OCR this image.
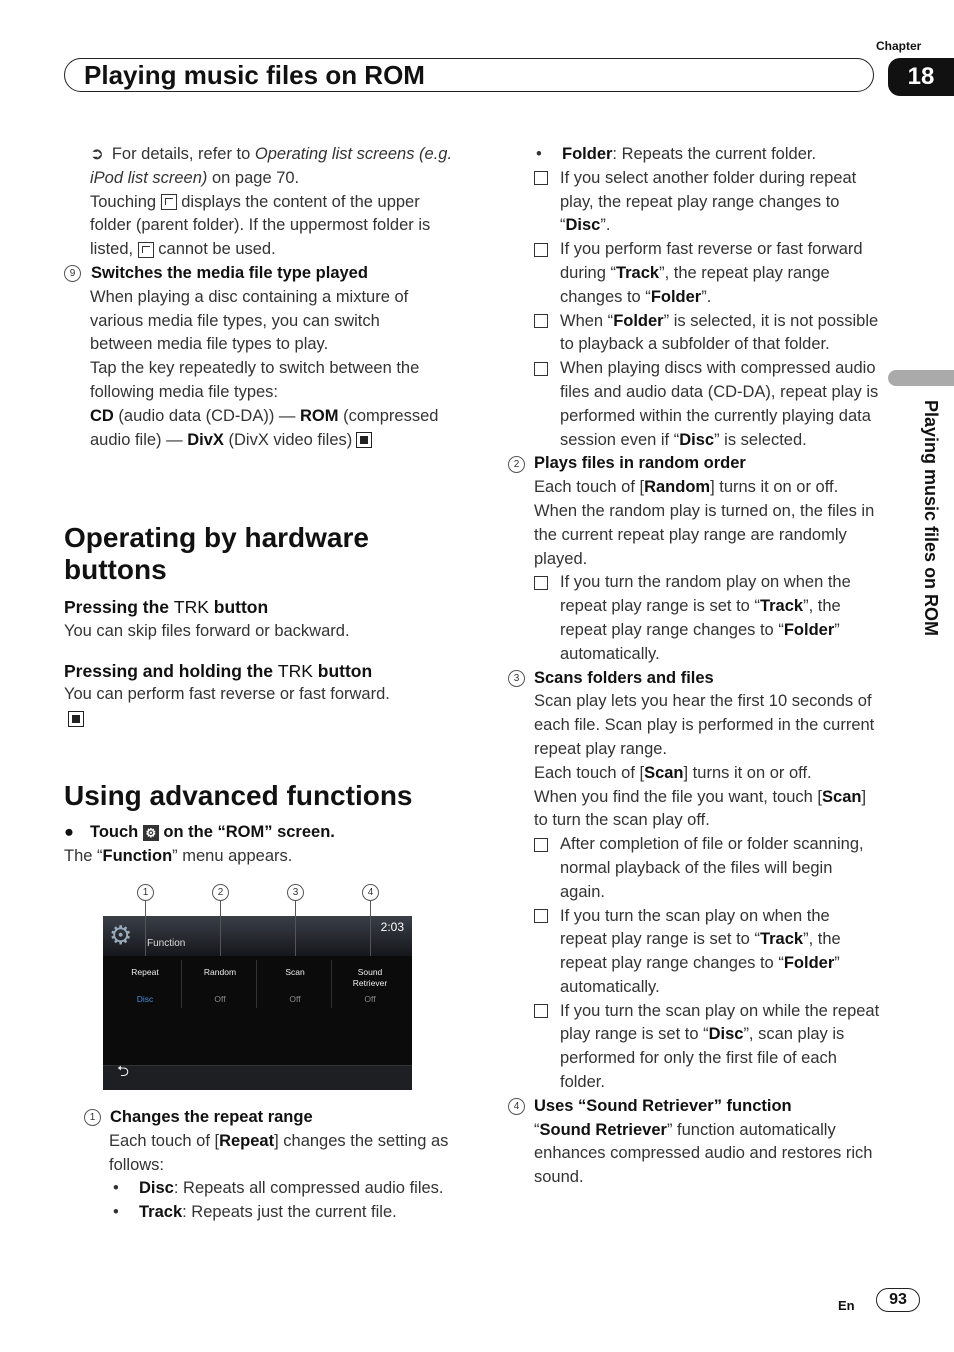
Chapter
Playing music files on ROM	18
Playing music files on ROM

➲ For details, refer to Operating list screens (e.g. iPod list screen) on page 70.

Touching  displays the content of the upper folder (parent folder). If the uppermost folder is listed,  cannot be used.

9 Switches the media file type played

When playing a disc containing a mixture of various media file types, you can switch between media file types to play.

Tap the key repeatedly to switch between the following media file types:

CD (audio data (CD-DA)) — ROM (compressed audio file) — DivX (DivX video files)

Operating by hardware buttons

Pressing the TRK button

You can skip files forward or backward.

Pressing and holding the TRK button

You can perform fast reverse or fast forward.

Using advanced functions

● Touch ⚙ on the “ROM” screen.

The “Function” menu appears.

1	2	3	4
⚙ Function
2:03
Repeat
Disc
Random
Off
Scan
Off
Sound Retriever
Off
⮌

1 Changes the repeat range

Each touch of [Repeat] changes the setting as follows:

•	Disc: Repeats all compressed audio files.

•	Track: Repeats just the current file.

•	Folder: Repeats the current folder.

If you select another folder during repeat play, the repeat play range changes to “Disc”.

If you perform fast reverse or fast forward during “Track”, the repeat play range changes to “Folder”.

When “Folder” is selected, it is not possible to playback a subfolder of that folder.

When playing discs with compressed audio files and audio data (CD-DA), repeat play is performed within the currently playing data session even if “Disc” is selected.

2 Plays files in random order

Each touch of [Random] turns it on or off.

When the random play is turned on, the files in the current repeat play range are randomly played.

If you turn the random play on when the repeat play range is set to “Track”, the repeat play range changes to “Folder” automatically.

3 Scans folders and files

Scan play lets you hear the first 10 seconds of each file. Scan play is performed in the current repeat play range.

Each touch of [Scan] turns it on or off.

When you find the file you want, touch [Scan] to turn the scan play off.

After completion of file or folder scanning, normal playback of the files will begin again.

If you turn the scan play on when the repeat play range is set to “Track”, the repeat play range changes to “Folder” automatically.

If you turn the scan play on while the repeat play range is set to “Disc”, scan play is performed for only the first file of each folder.

4 Uses “Sound Retriever” function

“Sound Retriever” function automatically enhances compressed audio and restores rich sound.

En	93
